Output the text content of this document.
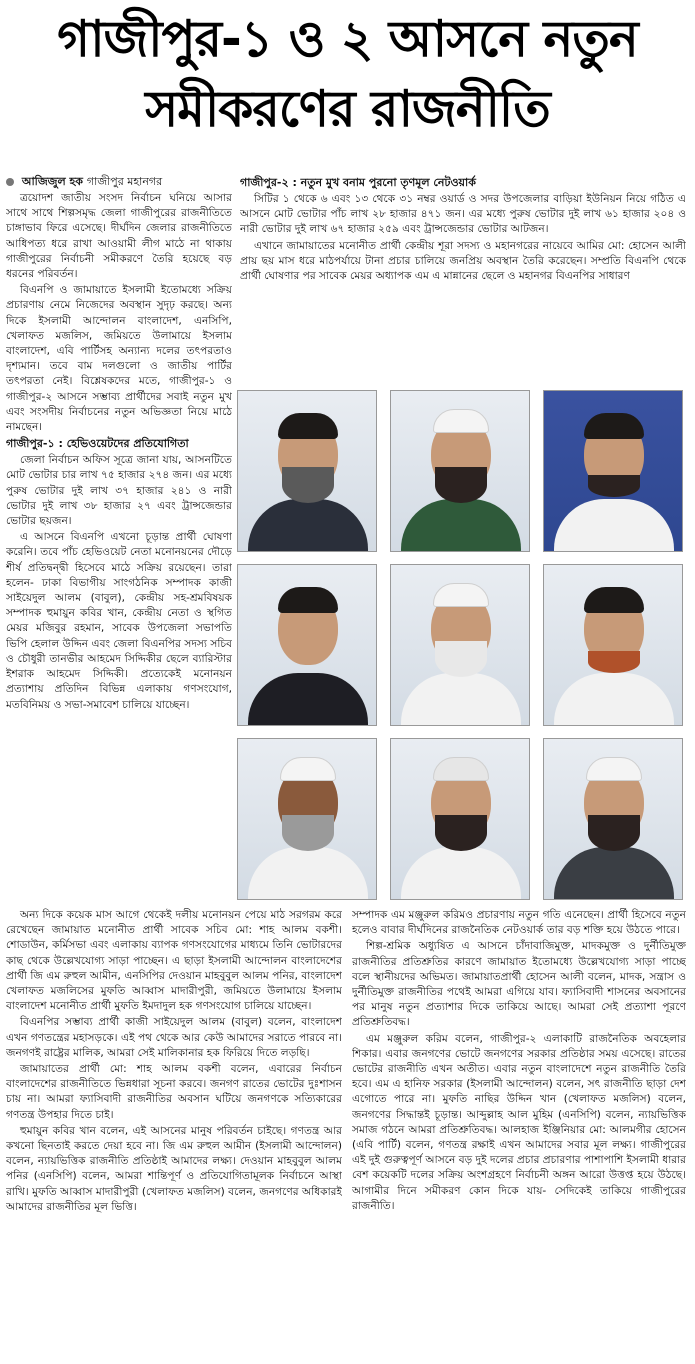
গাজীপুর-১ ও ২ আসনে নতুন
সমীকরণের রাজনীতি
আজিজুল হক গাজীপুর মহানগর

ত্রয়োদশ জাতীয় সংসদ নির্বাচন ঘনিয়ে আসার সাথে সাথে শিল্পসমৃদ্ধ জেলা গাজীপুরের রাজনীতিতে চাঙ্গাভাব ফিরে এসেছে। দীর্ঘদিন জেলার রাজনীতিতে আধিপত্য ধরে রাখা আওয়ামী লীগ মাঠে না থাকায় গাজীপুরের নির্বাচনী সমীকরণে তৈরি হয়েছে বড় ধরনের পরিবর্তন।

বিএনপি ও জামায়াতে ইসলামী ইতোমধ্যে সক্রিয় প্রচারণায় নেমে নিজেদের অবস্থান সুদৃঢ় করছে। অন্য দিকে ইসলামী আন্দোলন বাংলাদেশ, এনসিপি, খেলাফত মজলিস, জমিয়তে উলামায়ে ইসলাম বাংলাদেশ, এবি পার্টিসহ অন্যান্য দলের তৎপরতাও দৃশ্যমান। তবে বাম দলগুলো ও জাতীয় পার্টির তৎপরতা নেই। বিশ্লেষকদের মতে, গাজীপুর-১ ও গাজীপুর-২ আসনে সম্ভাব্য প্রার্থীদের সবাই নতুন মুখ এবং সংসদীয় নির্বাচনের নতুন অভিজ্ঞতা নিয়ে মাঠে নামছেন।

গাজীপুর-১ : হেভিওয়েটদের প্রতিযোগিতা

জেলা নির্বাচন অফিস সূত্রে জানা যায়, আসনটিতে মোট ভোটার চার লাখ ৭৫ হাজার ২৭৪ জন। এর মধ্যে পুরুষ ভোটার দুই লাখ ৩৭ হাজার ২৪১ ও নারী ভোটার দুই লাখ ৩৮ হাজার ২৭ এবং ট্রান্সজেন্ডার ভোটার ছয়জন।

এ আসনে বিএনপি এখনো চূড়ান্ত প্রার্থী ঘোষণা করেনি। তবে পাঁচ হেভিওয়েট নেতা মনোনয়নের দৌড়ে শীর্ষ প্রতিদ্বন্দ্বী হিসেবে মাঠে সক্রিয় রয়েছেন। তারা হলেন- ঢাকা বিভাগীয় সাংগঠনিক সম্পাদক কাজী সাইয়েদুল আলম (বাবুল), কেন্দ্রীয় সহ-শ্রমবিষয়ক সম্পাদক হুমায়ুন কবির খান, কেন্দ্রীয় নেতা ও স্থগিত মেয়র মজিবুর রহমান, সাবেক উপজেলা সভাপতি ভিপি হেলাল উদ্দিন এবং জেলা বিএনপির সদস্য সচিব ও চৌধুরী তানভীর আহমেদ সিদ্দিকীর ছেলে ব্যারিস্টার ইশরাক আহমেদ সিদ্দিকী। প্রত্যেকেই মনোনয়ন প্রত্যাশায় প্রতিদিন বিভিন্ন এলাকায় গণসংযোগ, মতবিনিময় ও সভা-সমাবেশ চালিয়ে যাচ্ছেন।

গাজীপুর-২ : নতুন মুখ বনাম পুরনো তৃণমূল নেটওয়ার্ক

সিটির ১ থেকে ৬ এবং ১৩ থেকে ৩১ নম্বর ওয়ার্ড ও সদর উপজেলার বাড়িয়া ইউনিয়ন নিয়ে গঠিত এ আসনে মোট ভোটার পাঁচ লাখ ২৮ হাজার ৪৭১ জন। এর মধ্যে পুরুষ ভোটার দুই লাখ ৬১ হাজার ২০৪ ও নারী ভোটার দুই লাখ ৬৭ হাজার ২৫৯ এবং ট্রান্সজেন্ডার ভোটার আটজন।

এখানে জামায়াতের মনোনীত প্রার্থী কেন্দ্রীয় শূরা সদস্য ও মহানগরের নায়েবে আমির মো: হোসেন আলী প্রায় ছয় মাস ধরে মাঠপর্যায়ে টানা প্রচার চালিয়ে জনপ্রিয় অবস্থান তৈরি করেছেন। সম্প্রতি বিএনপি থেকে প্রার্থী ঘোষণার পর সাবেক মেয়র অধ্যাপক এম এ মান্নানের ছেলে ও মহানগর বিএনপির সাধারণ

অন্য দিকে কয়েক মাস আগে থেকেই দলীয় মনোনয়ন পেয়ে মাঠ সরগরম করে রেখেছেন জামায়াত মনোনীত প্রার্থী সাবেক সচিব মো: শাহ আলম বকশী। শোডাউন, কর্মিসভা এবং এলাকায় ব্যাপক গণসংযোগের মাধ্যমে তিনি ভোটারদের কাছ থেকে উল্লেখযোগ্য সাড়া পাচ্ছেন। এ ছাড়া ইসলামী আন্দোলন বাংলাদেশের প্রার্থী জি এম রুহুল আমীন, এনসিপির দেওয়ান মাহবুবুল আলম পনির, বাংলাদেশ খেলাফত মজলিসের মুফতি আব্বাস মাদারীপুরী, জমিয়তে উলামায়ে ইসলাম বাংলাদেশ মনোনীত প্রার্থী মুফতি ইমদাদুল হক গণসংযোগ চালিয়ে যাচ্ছেন।

বিএনপির সম্ভাব্য প্রার্থী কাজী সাইয়েদুল আলম (বাবুল) বলেন, বাংলাদেশ এখন গণতন্ত্রের মহাসড়কে। এই পথ থেকে আর কেউ আমাদের সরাতে পারবে না। জনগণই রাষ্ট্রের মালিক, আমরা সেই মালিকানার হক ফিরিয়ে দিতে লড়ছি।

জামায়াতের প্রার্থী মো: শাহ আলম বকশী বলেন, এবারের নির্বাচন বাংলাদেশের রাজনীতিতে ভিন্নধারা সূচনা করবে। জনগণ রাতের ভোটের দুঃশাসন চায় না। আমরা ফ্যাসিবাদী রাজনীতির অবসান ঘটিয়ে জনগণকে সত্যিকারের গণতন্ত্র উপহার দিতে চাই।

হুমায়ুন কবির খান বলেন, এই আসনের মানুষ পরিবর্তন চাইছে। গণতন্ত্র আর কখনো ছিনতাই করতে দেয়া হবে না। জি এম রুহুল আমীন (ইসলামী আন্দোলন) বলেন, ন্যায়ভিত্তিক রাজনীতি প্রতিষ্ঠাই আমাদের লক্ষ্য। দেওয়ান মাহবুবুল আলম পনির (এনসিপি) বলেন, আমরা শান্তিপূর্ণ ও প্রতিযোগিতামূলক নির্বাচনে আস্থা রাখি। মুফতি আব্বাস মাদারীপুরী (খেলাফত মজলিস) বলেন, জনগণের অধিকারই আমাদের রাজনীতির মূল ভিত্তি।

সম্পাদক এম মঞ্জুরুল করিমও প্রচারণায় নতুন গতি এনেছেন। প্রার্থী হিসেবে নতুন হলেও বাবার দীর্ঘদিনের রাজনৈতিক নেটওয়ার্ক তার বড় শক্তি হয়ে উঠতে পারে।

শিল্প-শ্রমিক অধ্যুষিত এ আসনে চাঁদাবাজিমুক্ত, মাদকমুক্ত ও দুর্নীতিমুক্ত রাজনীতির প্রতিশ্রুতির কারণে জামায়াত ইতোমধ্যে উল্লেখযোগ্য সাড়া পাচ্ছে বলে স্থানীয়দের অভিমত। জামায়াতপ্রার্থী হোসেন আলী বলেন, মাদক, সন্ত্রাস ও দুর্নীতিমুক্ত রাজনীতির পথেই আমরা এগিয়ে যাব। ফ্যাসিবাদী শাসনের অবসানের পর মানুষ নতুন প্রত্যাশার দিকে তাকিয়ে আছে। আমরা সেই প্রত্যাশা পূরণে প্রতিশ্রুতিবদ্ধ।

এম মঞ্জুরুল করিম বলেন, গাজীপুর-২ এলাকাটি রাজনৈতিক অবহেলার শিকার। এবার জনগণের ভোটে জনগণের সরকার প্রতিষ্ঠার সময় এসেছে। রাতের ভোটের রাজনীতি এখন অতীত। এবার নতুন বাংলাদেশে নতুন রাজনীতি তৈরি হবে। এম এ হানিফ সরকার (ইসলামী আন্দোলন) বলেন, সৎ রাজনীতি ছাড়া দেশ এগোতে পারে না। মুফতি নাছির উদ্দিন খান (খেলাফত মজলিস) বলেন, জনগণের সিদ্ধান্তই চূড়ান্ত। আব্দুল্লাহ আল মুহিম (এনসিপি) বলেন, ন্যায়ভিত্তিক সমাজ গঠনে আমরা প্রতিশ্রুতিবদ্ধ। আলহাজ ইঞ্জিনিয়ার মো: আলমগীর হোসেন (এবি পার্টি) বলেন, গণতন্ত্র রক্ষাই এখন আমাদের সবার মূল লক্ষ্য। গাজীপুরের এই দুই গুরুত্বপূর্ণ আসনে বড় দুই দলের প্রচার প্রচারণার পাশাপাশি ইসলামী ধারার বেশ কয়েকটি দলের সক্রিয় অংশগ্রহণে নির্বাচনী অঙ্গন আরো উত্তপ্ত হয়ে উঠছে। আগামীর দিনে সমীকরণ কোন দিকে যায়- সেদিকেই তাকিয়ে গাজীপুরের রাজনীতি।
